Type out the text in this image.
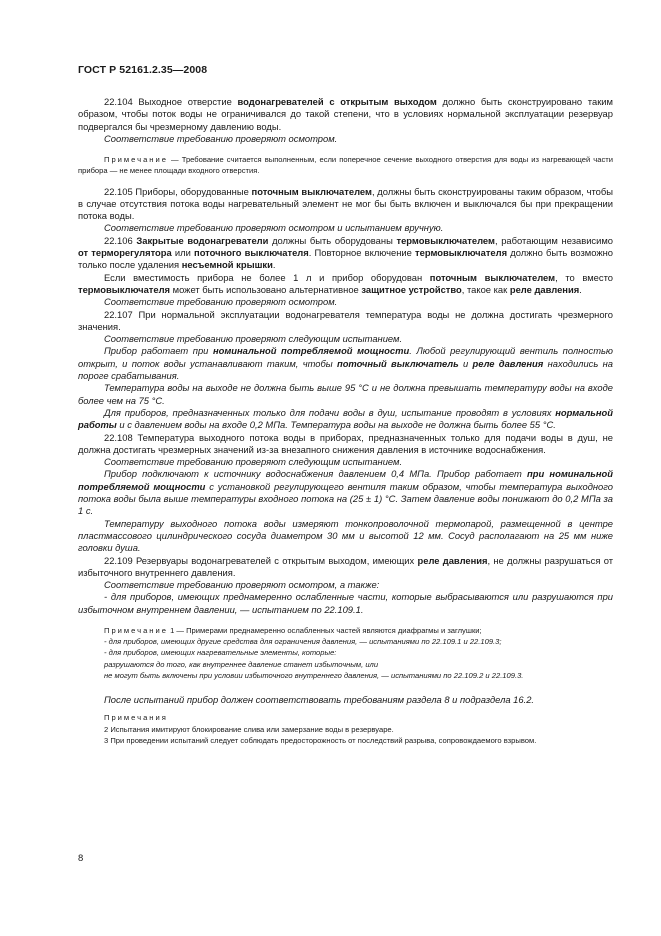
ГОСТ Р 52161.2.35—2008

22.104 Выходное отверстие водонагревателей с открытым выходом должно быть сконструировано таким образом, чтобы поток воды не ограничивался до такой степени, что в условиях нормальной эксплуатации резервуар подвергался бы чрезмерному давлению воды.

Соответствие требованию проверяют осмотром.

Примечание — Требование считается выполненным, если поперечное сечение выходного отверстия для воды из нагревающей части прибора — не менее площади входного отверстия.

22.105 Приборы, оборудованные поточным выключателем, должны быть сконструированы таким образом, чтобы в случае отсутствия потока воды нагревательный элемент не мог бы быть включен и выключался бы при прекращении потока воды.

Соответствие требованию проверяют осмотром и испытанием вручную.

22.106 Закрытые водонагреватели должны быть оборудованы термовыключателем, работающим независимо от терморегулятора или поточного выключателя. Повторное включение термовыключателя должно быть возможно только после удаления несъемной крышки.

Если вместимость прибора не более 1 л и прибор оборудован поточным выключателем, то вместо термовыключателя может быть использовано альтернативное защитное устройство, такое как реле давления.

Соответствие требованию проверяют осмотром.

22.107 При нормальной эксплуатации водонагревателя температура воды не должна достигать чрезмерного значения.

Соответствие требованию проверяют следующим испытанием.

Прибор работает при номинальной потребляемой мощности. Любой регулирующий вентиль полностью открыт, и поток воды устанавливают таким, чтобы поточный выключатель и реле давления находились на пороге срабатывания.

Температура воды на выходе не должна быть выше 95 °С и не должна превышать температуру воды на входе более чем на 75 °С.

Для приборов, предназначенных только для подачи воды в душ, испытание проводят в условиях нормальной работы и с давлением воды на входе 0,2 МПа. Температура воды на выходе не должна быть более 55 °С.

22.108 Температура выходного потока воды в приборах, предназначенных только для подачи воды в душ, не должна достигать чрезмерных значений из-за внезапного снижения давления в источнике водоснабжения.

Соответствие требованию проверяют следующим испытанием.

Прибор подключают к источнику водоснабжения давлением 0,4 МПа. Прибор работает при номинальной потребляемой мощности с установкой регулирующего вентиля таким образом, чтобы температура выходного потока воды была выше температуры входного потока на (25 ± 1) °С. Затем давление воды понижают до 0,2 МПа за 1 с.

Температуру выходного потока воды измеряют тонкопроволочной термопарой, размещенной в центре пластмассового цилиндрического сосуда диаметром 30 мм и высотой 12 мм. Сосуд располагают на 25 мм ниже головки душа.

22.109 Резервуары водонагревателей с открытым выходом, имеющих реле давления, не должны разрушаться от избыточного внутреннего давления.

Соответствие требованию проверяют осмотром, а также:

- для приборов, имеющих преднамеренно ослабленные части, которые выбрасываются или разрушаются при избыточном внутреннем давлении, — испытанием по 22.109.1.

Примечание 1 — Примерами преднамеренно ослабленных частей являются диафрагмы и заглушки;

- для приборов, имеющих другие средства для ограничения давления, — испытаниями по 22.109.1 и 22.109.3;

- для приборов, имеющих нагревательные элементы, которые:

разрушаются до того, как внутреннее давление станет избыточным, или

не могут быть включены при условии избыточного внутреннего давления, — испытаниями по 22.109.2 и 22.109.3.

После испытаний прибор должен соответствовать требованиям раздела 8 и подраздела 16.2.

Примечания

2 Испытания имитируют блокирование слива или замерзание воды в резервуаре.

3 При проведении испытаний следует соблюдать предосторожность от последствий разрыва, сопровождаемого взрывом.

8
